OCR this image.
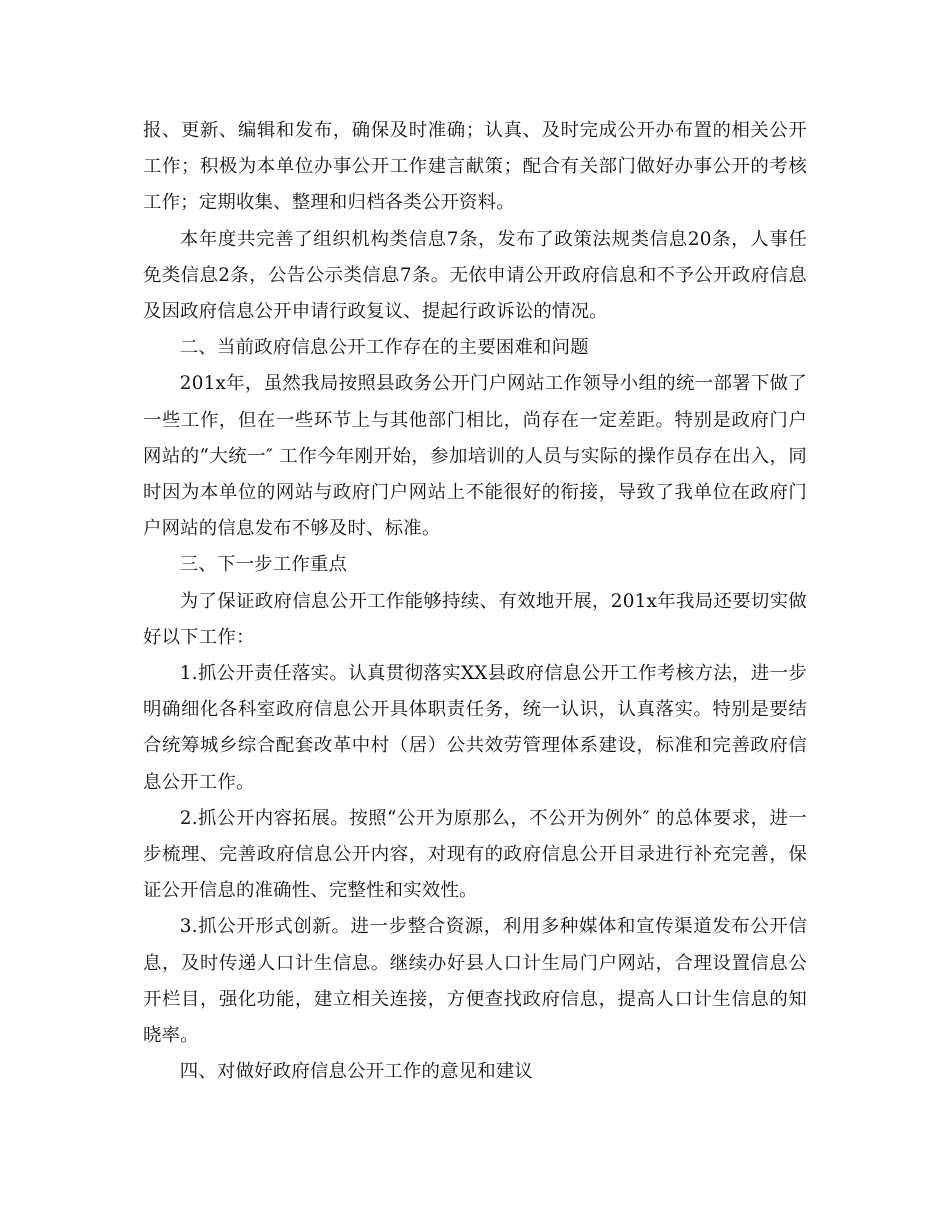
报、更新、编辑和发布，确保及时准确；认真、及时完成公开办布置的相关公开工作；积极为本单位办事公开工作建言献策；配合有关部门做好办事公开的考核工作；定期收集、整理和归档各类公开资料。

本年度共完善了组织机构类信息7条，发布了政策法规类信息20条，人事任免类信息2条，公告公示类信息7条。无依申请公开政府信息和不予公开政府信息及因政府信息公开申请行政复议、提起行政诉讼的情况。

二、当前政府信息公开工作存在的主要困难和问题

201x年，虽然我局按照县政务公开门户网站工作领导小组的统一部署下做了一些工作，但在一些环节上与其他部门相比，尚存在一定差距。特别是政府门户网站的“大统一″ 工作今年刚开始，参加培训的人员与实际的操作员存在出入，同时因为本单位的网站与政府门户网站上不能很好的衔接，导致了我单位在政府门户网站的信息发布不够及时、标准。

三、下一步工作重点

为了保证政府信息公开工作能够持续、有效地开展，201x年我局还要切实做好以下工作：

1.抓公开责任落实。认真贯彻落实XX县政府信息公开工作考核方法，进一步明确细化各科室政府信息公开具体职责任务，统一认识，认真落实。特别是要结合统筹城乡综合配套改革中村（居）公共效劳管理体系建设，标准和完善政府信息公开工作。

2.抓公开内容拓展。按照“公开为原那么，不公开为例外″ 的总体要求，进一步梳理、完善政府信息公开内容，对现有的政府信息公开目录进行补充完善，保证公开信息的准确性、完整性和实效性。

3.抓公开形式创新。进一步整合资源，利用多种媒体和宣传渠道发布公开信息，及时传递人口计生信息。继续办好县人口计生局门户网站，合理设置信息公开栏目，强化功能，建立相关连接，方便查找政府信息，提高人口计生信息的知晓率。

四、对做好政府信息公开工作的意见和建议
